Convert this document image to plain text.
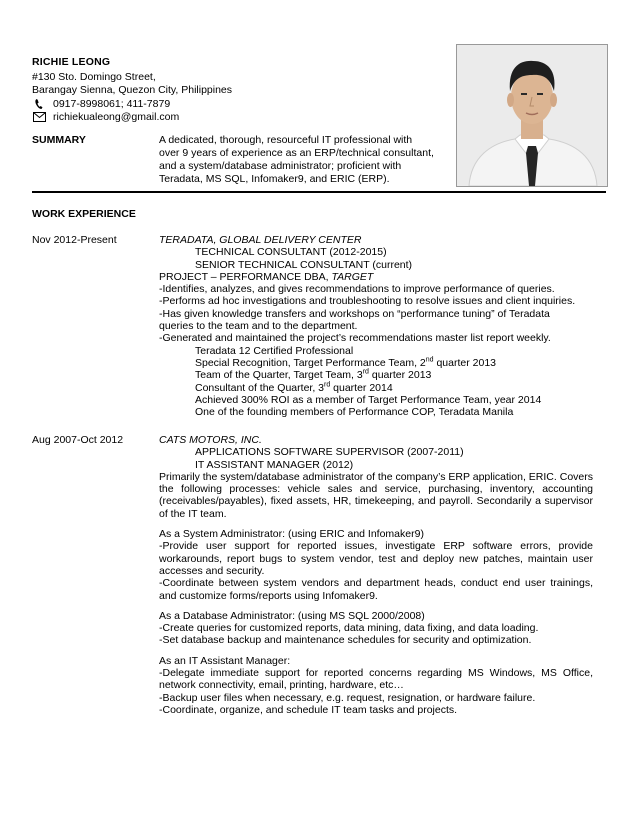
RICHIE LEONG
#130 Sto. Domingo Street,
Barangay Sienna, Quezon City, Philippines
0917-8998061; 411-7879
richiekualeong@gmail.com
SUMMARY	A dedicated, thorough, resourceful IT professional with
over 9 years of experience as an ERP/technical consultant,
and a system/database administrator; proficient with
Teradata, MS SQL, Infomaker9, and ERIC (ERP).
WORK EXPERIENCE
Nov 2012-Present	TERADATA, GLOBAL DELIVERY CENTER
TECHNICAL CONSULTANT (2012-2015)
SENIOR TECHNICAL CONSULTANT (current)
PROJECT – PERFORMANCE DBA, TARGET
-Identifies, analyzes, and gives recommendations to improve performance of queries.
-Performs ad hoc investigations and troubleshooting to resolve issues and client inquiries.
-Has given knowledge transfers and workshops on “performance tuning” of Teradata
queries to the team and to the department.
-Generated and maintained the project’s recommendations master list report weekly.
Teradata 12 Certified Professional
Special Recognition, Target Performance Team, 2nd quarter 2013
Team of the Quarter, Target Team, 3rd quarter 2013
Consultant of the Quarter, 3rd quarter 2014
Achieved 300% ROI as a member of Target Performance Team, year 2014
One of the founding members of Performance COP, Teradata Manila
Aug 2007-Oct 2012	CATS MOTORS, INC.
APPLICATIONS SOFTWARE SUPERVISOR (2007-2011)
IT ASSISTANT MANAGER (2012)
Primarily the system/database administrator of the company’s ERP application, ERIC. Covers the following processes: vehicle sales and service, purchasing, inventory, accounting (receivables/payables), fixed assets, HR, timekeeping, and payroll. Secondarily a supervisor of the IT team.
As a System Administrator: (using ERIC and Infomaker9)
-Provide user support for reported issues, investigate ERP software errors, provide workarounds, report bugs to system vendor, test and deploy new patches, maintain user accesses and security.
-Coordinate between system vendors and department heads, conduct end user trainings, and customize forms/reports using Infomaker9.
As a Database Administrator: (using MS SQL 2000/2008)
-Create queries for customized reports, data mining, data fixing, and data loading.
-Set database backup and maintenance schedules for security and optimization.
As an IT Assistant Manager:
-Delegate immediate support for reported concerns regarding MS Windows, MS Office, network connectivity, email, printing, hardware, etc…
-Backup user files when necessary, e.g. request, resignation, or hardware failure.
-Coordinate, organize, and schedule IT team tasks and projects.
